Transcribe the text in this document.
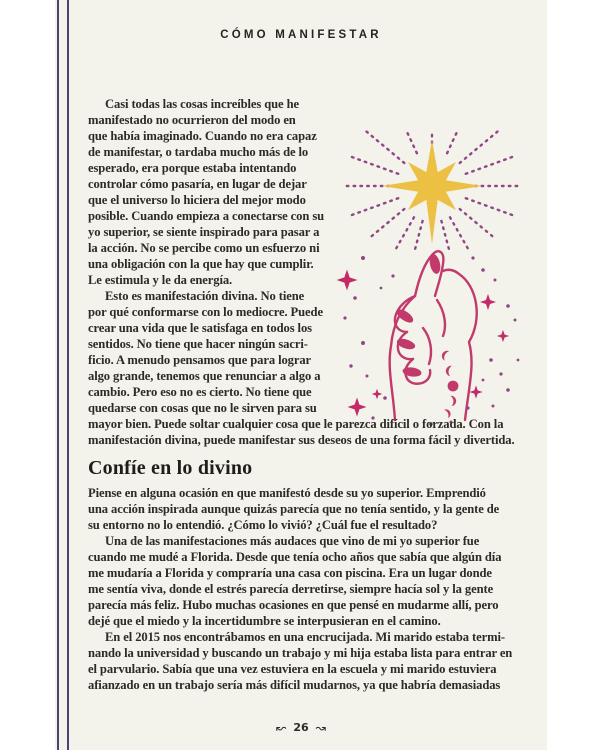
CÓMO MANIFESTAR
Casi todas las cosas increíbles que he
manifestado no ocurrieron del modo en
que había imaginado. Cuando no era capaz
de manifestar, o tardaba mucho más de lo
esperado, era porque estaba intentando
controlar cómo pasaría, en lugar de dejar
que el universo lo hiciera del mejor modo
posible. Cuando empieza a conectarse con su
yo superior, se siente inspirado para pasar a
la acción. No se percibe como un esfuerzo ni
una obligación con la que hay que cumplir.
Le estimula y le da energía.
Esto es manifestación divina. No tiene
por qué conformarse con lo mediocre. Puede
crear una vida que le satisfaga en todos los
sentidos. No tiene que hacer ningún sacri-
ficio. A menudo pensamos que para lograr
algo grande, tenemos que renunciar a algo a
cambio. Pero eso no es cierto. No tiene que
quedarse con cosas que no le sirven para su
mayor bien. Puede soltar cualquier cosa que le parezca difícil o forzada. Con la
manifestación divina, puede manifestar sus deseos de una forma fácil y divertida.
Confíe en lo divino
Piense en alguna ocasión en que manifestó desde su yo superior. Emprendió
una acción inspirada aunque quizás parecía que no tenía sentido, y la gente de
su entorno no lo entendió. ¿Cómo lo vivió? ¿Cuál fue el resultado?
Una de las manifestaciones más audaces que vino de mi yo superior fue
cuando me mudé a Florida. Desde que tenía ocho años que sabía que algún día
me mudaría a Florida y compraría una casa con piscina. Era un lugar donde
me sentía viva, donde el estrés parecía derretirse, siempre hacía sol y la gente
parecía más feliz. Hubo muchas ocasiones en que pensé en mudarme allí, pero
dejé que el miedo y la incertidumbre se interpusieran en el camino.
En el 2015 nos encontrábamos en una encrucijada. Mi marido estaba termi-
nando la universidad y buscando un trabajo y mi hija estaba lista para entrar en
el parvulario. Sabía que una vez estuviera en la escuela y mi marido estuviera
afianzado en un trabajo sería más difícil mudarnos, ya que habría demasiadas
↜ 26 ↝
